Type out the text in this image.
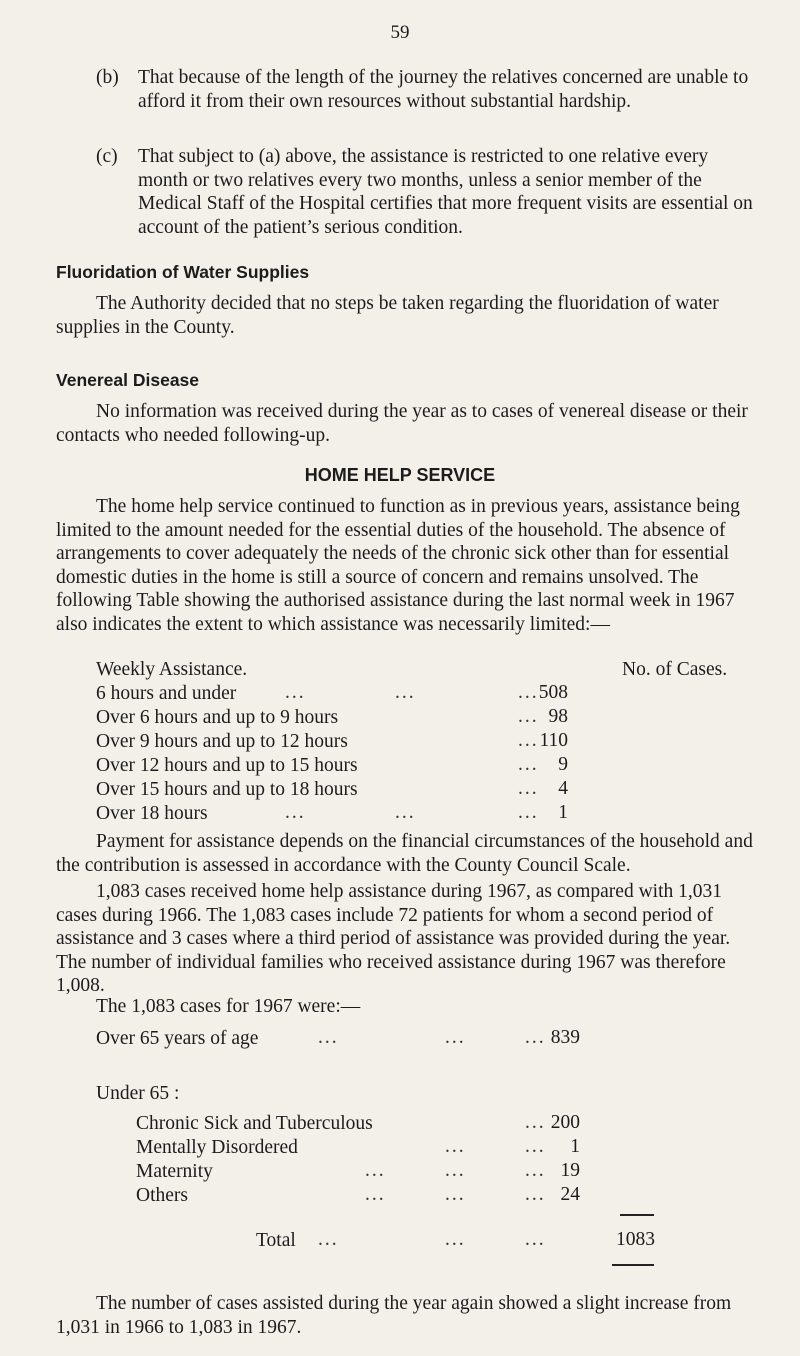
59
(b) That because of the length of the journey the relatives concerned are unable to afford it from their own resources without substantial hardship.
(c) That subject to (a) above, the assistance is restricted to one relative every month or two relatives every two months, unless a senior member of the Medical Staff of the Hospital certifies that more frequent visits are essential on account of the patient’s serious condition.
Fluoridation of Water Supplies
The Authority decided that no steps be taken regarding the fluoridation of water supplies in the County.
Venereal Disease
No information was received during the year as to cases of venereal disease or their contacts who needed following-up.
HOME HELP SERVICE
The home help service continued to function as in previous years, assistance being limited to the amount needed for the essential duties of the household. The absence of arrangements to cover adequately the needs of the chronic sick other than for essential domestic duties in the home is still a source of concern and remains unsolved. The following Table showing the authorised assistance during the last normal week in 1967 also indicates the extent to which assistance was necessarily limited:—
Weekly Assistance.	No. of Cases.
6 hours and under ...	...	... 508
Over 6 hours and up to 9 hours	... 98
Over 9 hours and up to 12 hours	... 110
Over 12 hours and up to 15 hours	...	9
Over 15 hours and up to 18 hours	...	4
Over 18 hours	...	...	...	1
Payment for assistance depends on the financial circumstances of the household and the contribution is assessed in accordance with the County Council Scale.
1,083 cases received home help assistance during 1967, as compared with 1,031 cases during 1966. The 1,083 cases include 72 patients for whom a second period of assistance and 3 cases where a third period of assistance was provided during the year. The number of individual families who received assistance during 1967 was therefore 1,008.
The 1,083 cases for 1967 were:—
Over 65 years of age	...	...	... 839
Under 65 :
Chronic Sick and Tuberculous	... 200
Mentally Disordered	...	...	1
Maternity	...	...	... 19
Others	...	...	... 24
Total ...	...	...	1083
The number of cases assisted during the year again showed a slight increase from 1,031 in 1966 to 1,083 in 1967.
